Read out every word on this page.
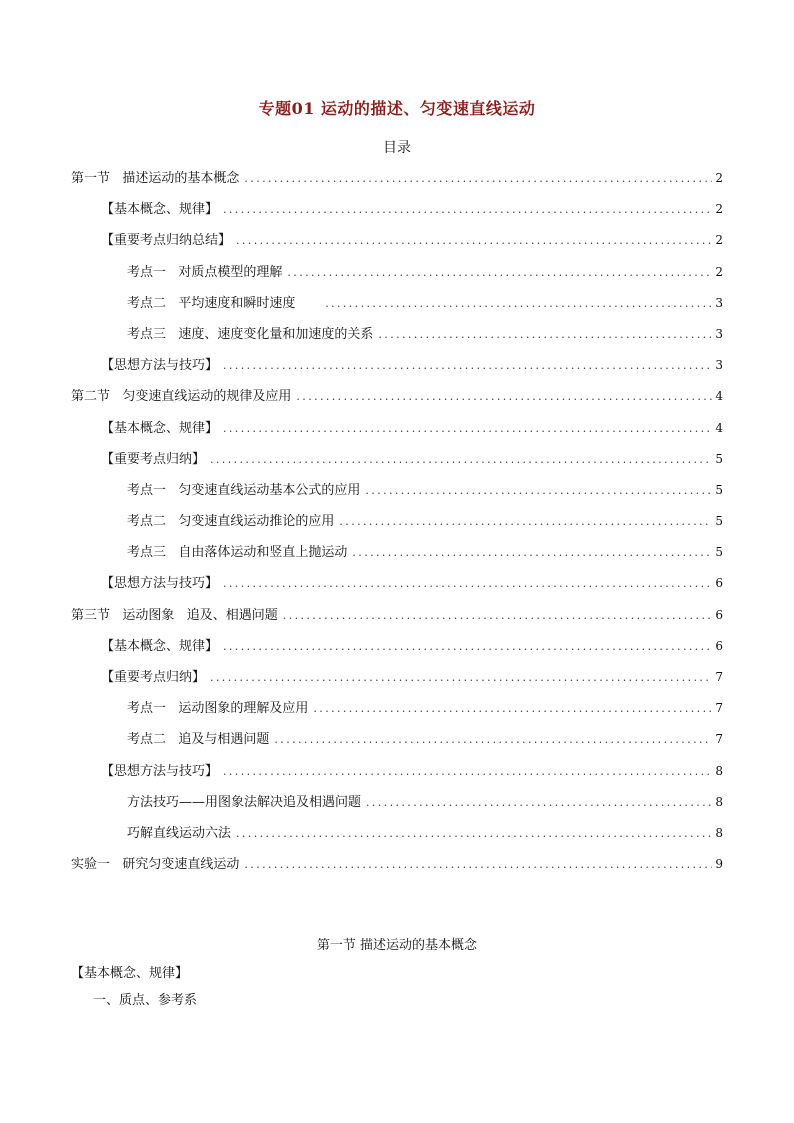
专题01 运动的描述、匀变速直线运动
目录
第一节   描述运动的基本概念 .....	2
【基本概念、规律】 .....	2
【重要考点归纳总结】 .....	2
考点一   对质点模型的理解 .....	2
考点二   平均速度和瞬时速度 .....	3
考点三   速度、速度变化量和加速度的关系 .....	3
【思想方法与技巧】 .....	3
第二节   匀变速直线运动的规律及应用 .....	4
【基本概念、规律】 .....	4
【重要考点归纳】 .....	5
考点一   匀变速直线运动基本公式的应用 .....	5
考点二   匀变速直线运动推论的应用 .....	5
考点三   自由落体运动和竖直上抛运动 .....	5
【思想方法与技巧】 .....	6
第三节   运动图象   追及、相遇问题 .....	6
【基本概念、规律】 .....	6
【重要考点归纳】 .....	7
考点一   运动图象的理解及应用 .....	7
考点二   追及与相遇问题 .....	7
【思想方法与技巧】 .....	8
方法技巧——用图象法解决追及相遇问题 .....	8
巧解直线运动六法 .....	8
实验一   研究匀变速直线运动 .....	9
第一节 描述运动的基本概念
【基本概念、规律】
一、质点、参考系
